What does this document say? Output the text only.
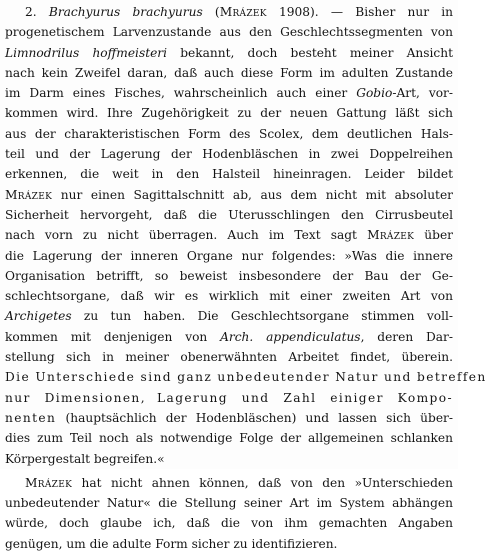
2. Brachyurus brachyurus (Mrázek 1908). — Bisher nur in
progenetischem Larvenzustande aus den Geschlechtssegmenten von
Limnodrilus hoffmeisteri bekannt, doch besteht meiner Ansicht
nach kein Zweifel daran, daß auch diese Form im adulten Zustande
im Darm eines Fisches, wahrscheinlich auch einer Gobio-Art, vor-
kommen wird. Ihre Zugehörigkeit zu der neuen Gattung läßt sich
aus der charakteristischen Form des Scolex, dem deutlichen Hals-
teil und der Lagerung der Hodenbläschen in zwei Doppelreihen
erkennen, die weit in den Halsteil hineinragen. Leider bildet
Mrázek nur einen Sagittalschnitt ab, aus dem nicht mit absoluter
Sicherheit hervorgeht, daß die Uterusschlingen den Cirrusbeutel
nach vorn zu nicht überragen. Auch im Text sagt Mrázek über
die Lagerung der inneren Organe nur folgendes: »Was die innere
Organisation betrifft, so beweist insbesondere der Bau der Ge-
schlechtsorgane, daß wir es wirklich mit einer zweiten Art von
Archigetes zu tun haben. Die Geschlechtsorgane stimmen voll-
kommen mit denjenigen von Arch. appendiculatus, deren Dar-
stellung sich in meiner obenerwähnten Arbeitet findet, überein.
Die Unterschiede sind ganz unbedeutender Natur und betreffen
nur Dimensionen, Lagerung und Zahl einiger Kompo-
nenten (hauptsächlich der Hodenbläschen) und lassen sich über-
dies zum Teil noch als notwendige Folge der allgemeinen schlanken
Körpergestalt begreifen.«
Mrázek hat nicht ahnen können, daß von den »Unterschieden
unbedeutender Natur« die Stellung seiner Art im System abhängen
würde, doch glaube ich, daß die von ihm gemachten Angaben
genügen, um die adulte Form sicher zu identifizieren.
